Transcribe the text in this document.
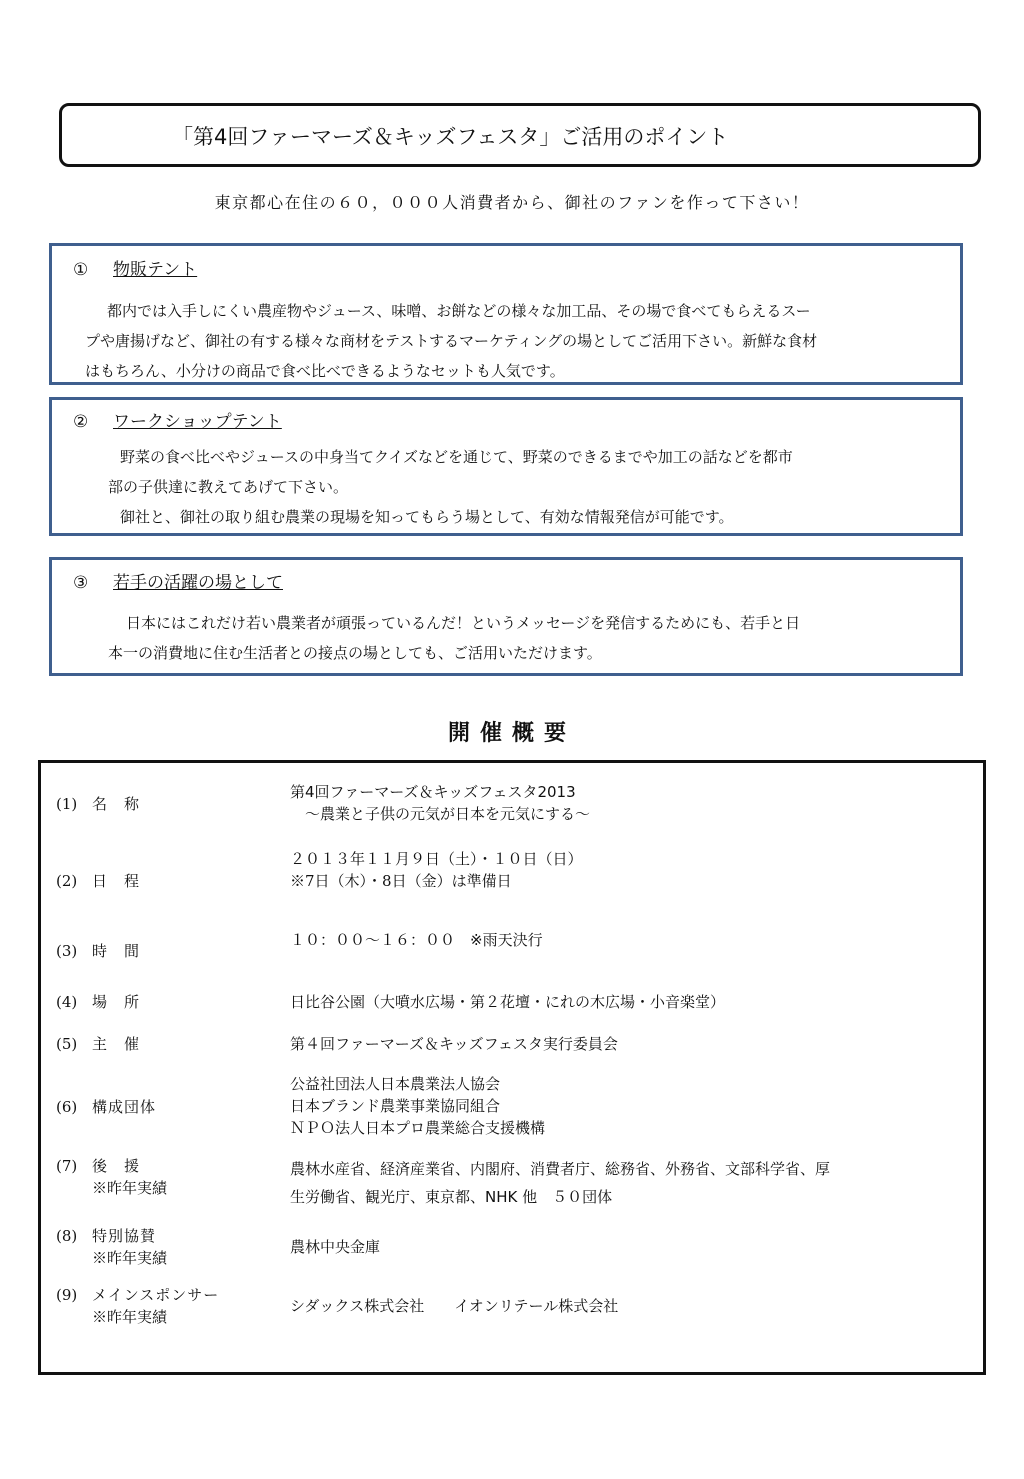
「第4回ファーマーズ＆キッズフェスタ」ご活用のポイント
東京都心在住の６０，０００人消費者から、御社のファンを作って下さい！
① 物販テント
都内では入手しにくい農産物やジュース、味噌、お餅などの様々な加工品、その場で食べてもらえるスー
プや唐揚げなど、御社の有する様々な商材をテストするマーケティングの場としてご活用下さい。新鮮な食材
はもちろん、小分けの商品で食べ比べできるようなセットも人気です。
② ワークショップテント
野菜の食べ比べやジュースの中身当てクイズなどを通じて、野菜のできるまでや加工の話などを都市
部の子供達に教えてあげて下さい。
御社と、御社の取り組む農業の現場を知ってもらう場として、有効な情報発信が可能です。
③ 若手の活躍の場として
日本にはこれだけ若い農業者が頑張っているんだ！というメッセージを発信するためにも、若手と日
本一の消費地に住む生活者との接点の場としても、ご活用いただけます。
開催概要
(1) 名　称
第4回ファーマーズ＆キッズフェスタ2013
　～農業と子供の元気が日本を元気にする～
(2) 日　程
２０１３年１１月９日（土）・１０日（日）
※7日（木）・8日（金）は準備日
(3) 時　間
１０：００～１６：００　※雨天決行
(4) 場　所	日比谷公園（大噴水広場・第２花壇・にれの木広場・小音楽堂）
(5) 主　催	第４回ファーマーズ＆キッズフェスタ実行委員会
(6) 構成団体
公益社団法人日本農業法人協会
日本ブランド農業事業協同組合
ＮＰＯ法人日本プロ農業総合支援機構
(7) 後　援
※昨年実績
農林水産省、経済産業省、内閣府、消費者庁、総務省、外務省、文部科学省、厚
生労働省、観光庁、東京都、NHK 他　５０団体
(8) 特別協賛
※昨年実績
農林中央金庫
(9) メインスポンサー
※昨年実績
シダックス株式会社　　イオンリテール株式会社
